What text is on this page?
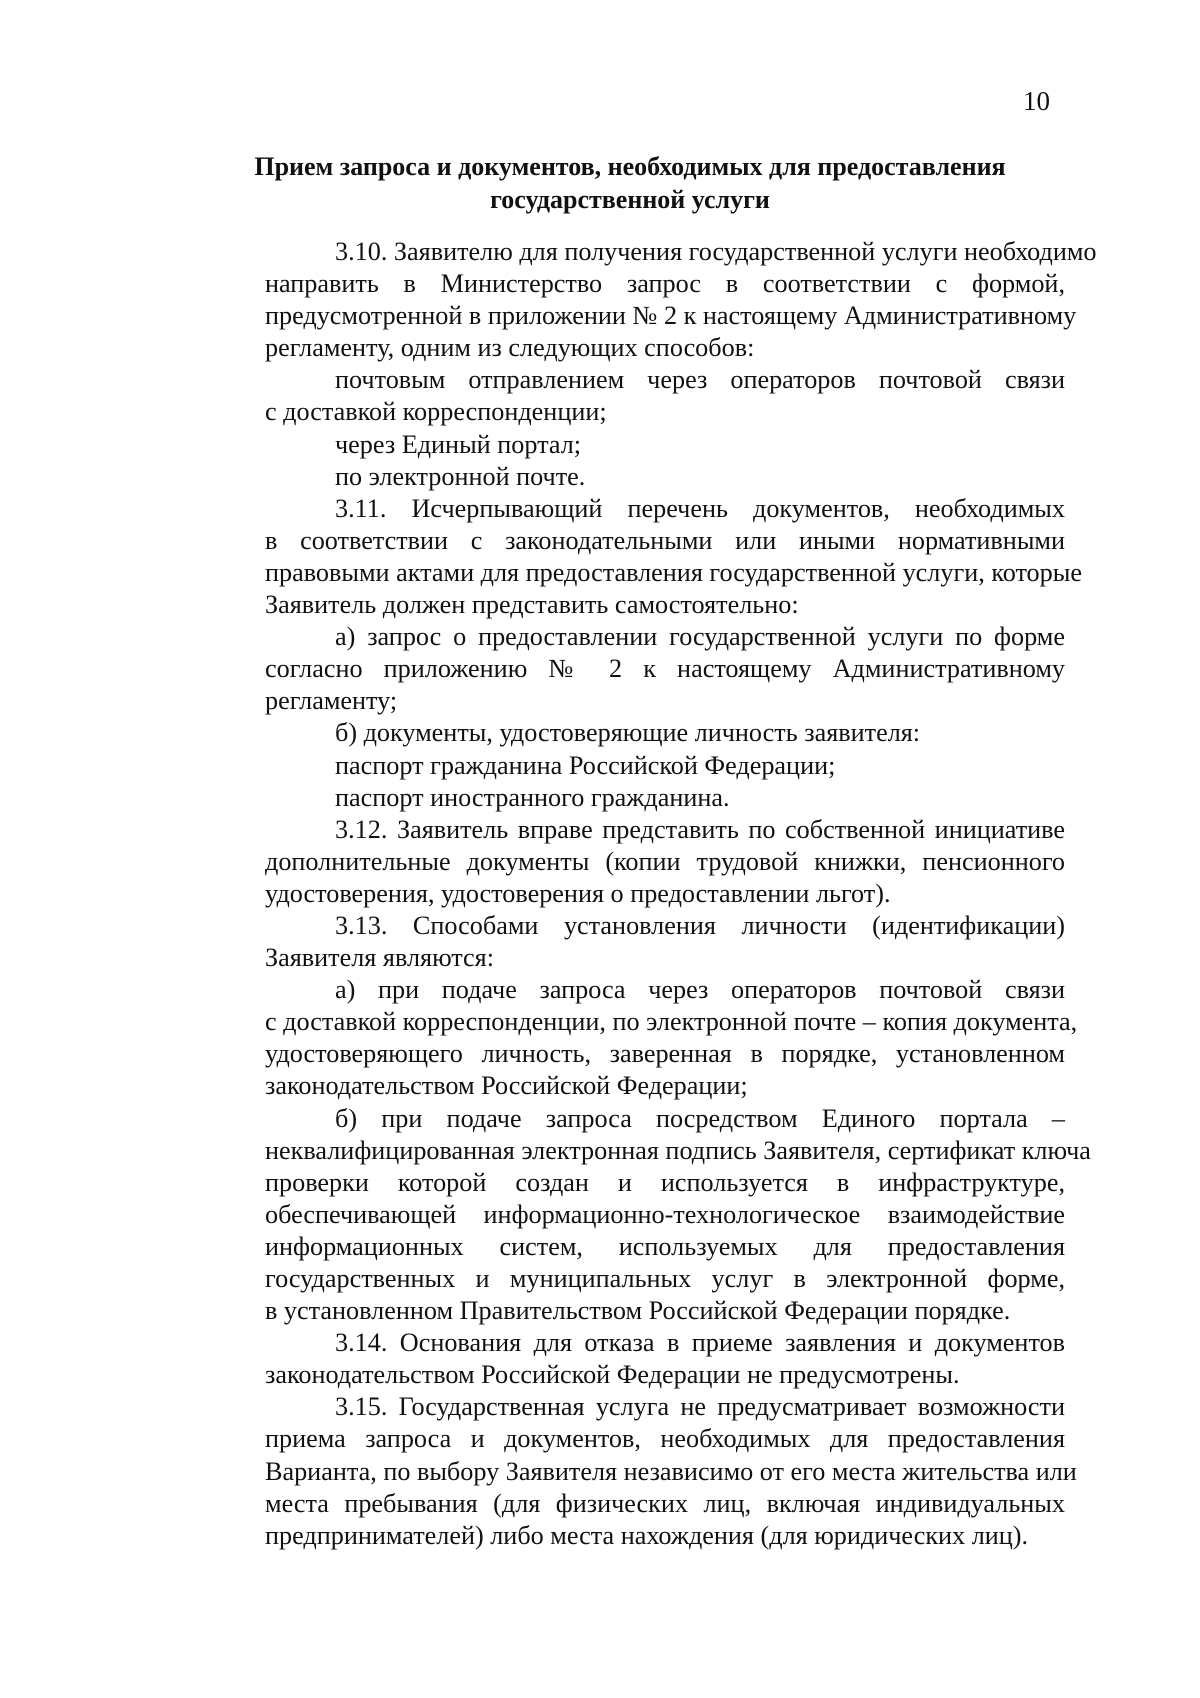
10
Прием запроса и документов, необходимых для предоставления
государственной услуги
3.10. Заявителю для получения государственной услуги необходимо
направить в Министерство запрос в соответствии с формой,
предусмотренной в приложении № 2 к настоящему Административному
регламенту, одним из следующих способов:
почтовым отправлением через операторов почтовой связи
с доставкой корреспонденции;
через Единый портал;
по электронной почте.
3.11. Исчерпывающий перечень документов, необходимых
в соответствии с законодательными или иными нормативными
правовыми актами для предоставления государственной услуги, которые
Заявитель должен представить самостоятельно:
а) запрос о предоставлении государственной услуги по форме
согласно приложению № 2 к настоящему Административному
регламенту;
б) документы, удостоверяющие личность заявителя:
паспорт гражданина Российской Федерации;
паспорт иностранного гражданина.
3.12. Заявитель вправе представить по собственной инициативе
дополнительные документы (копии трудовой книжки, пенсионного
удостоверения, удостоверения о предоставлении льгот).
3.13. Способами установления личности (идентификации)
Заявителя являются:
а) при подаче запроса через операторов почтовой связи
с доставкой корреспонденции, по электронной почте – копия документа,
удостоверяющего личность, заверенная в порядке, установленном
законодательством Российской Федерации;
б) при подаче запроса посредством Единого портала –
неквалифицированная электронная подпись Заявителя, сертификат ключа
проверки которой создан и используется в инфраструктуре,
обеспечивающей информационно-технологическое взаимодействие
информационных систем, используемых для предоставления
государственных и муниципальных услуг в электронной форме,
в установленном Правительством Российской Федерации порядке.
3.14. Основания для отказа в приеме заявления и документов
законодательством Российской Федерации не предусмотрены.
3.15. Государственная услуга не предусматривает возможности
приема запроса и документов, необходимых для предоставления
Варианта, по выбору Заявителя независимо от его места жительства или
места пребывания (для физических лиц, включая индивидуальных
предпринимателей) либо места нахождения (для юридических лиц).
